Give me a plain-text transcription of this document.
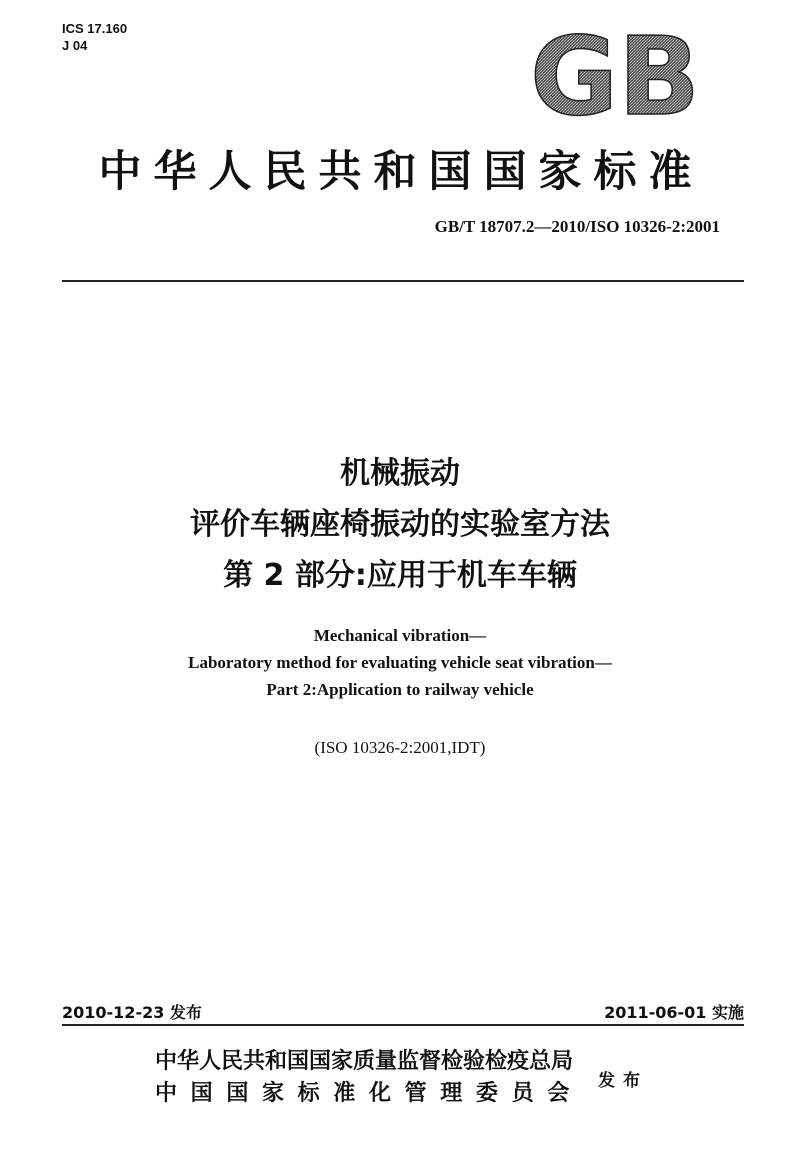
ICS 17.160
J 04	GB
中华人民共和国国家标准
GB/T 18707.2—2010/ISO 10326-2:2001
机械振动
评价车辆座椅振动的实验室方法
第 2 部分:应用于机车车辆
Mechanical vibration—
Laboratory method for evaluating vehicle seat vibration—
Part 2:Application to railway vehicle
(ISO 10326-2:2001,IDT)
2010-12-23 发布	2011-06-01 实施
中华人民共和国国家质量监督检验检疫总局
中 国 国 家 标 准 化 管 理 委 员 会 发布
